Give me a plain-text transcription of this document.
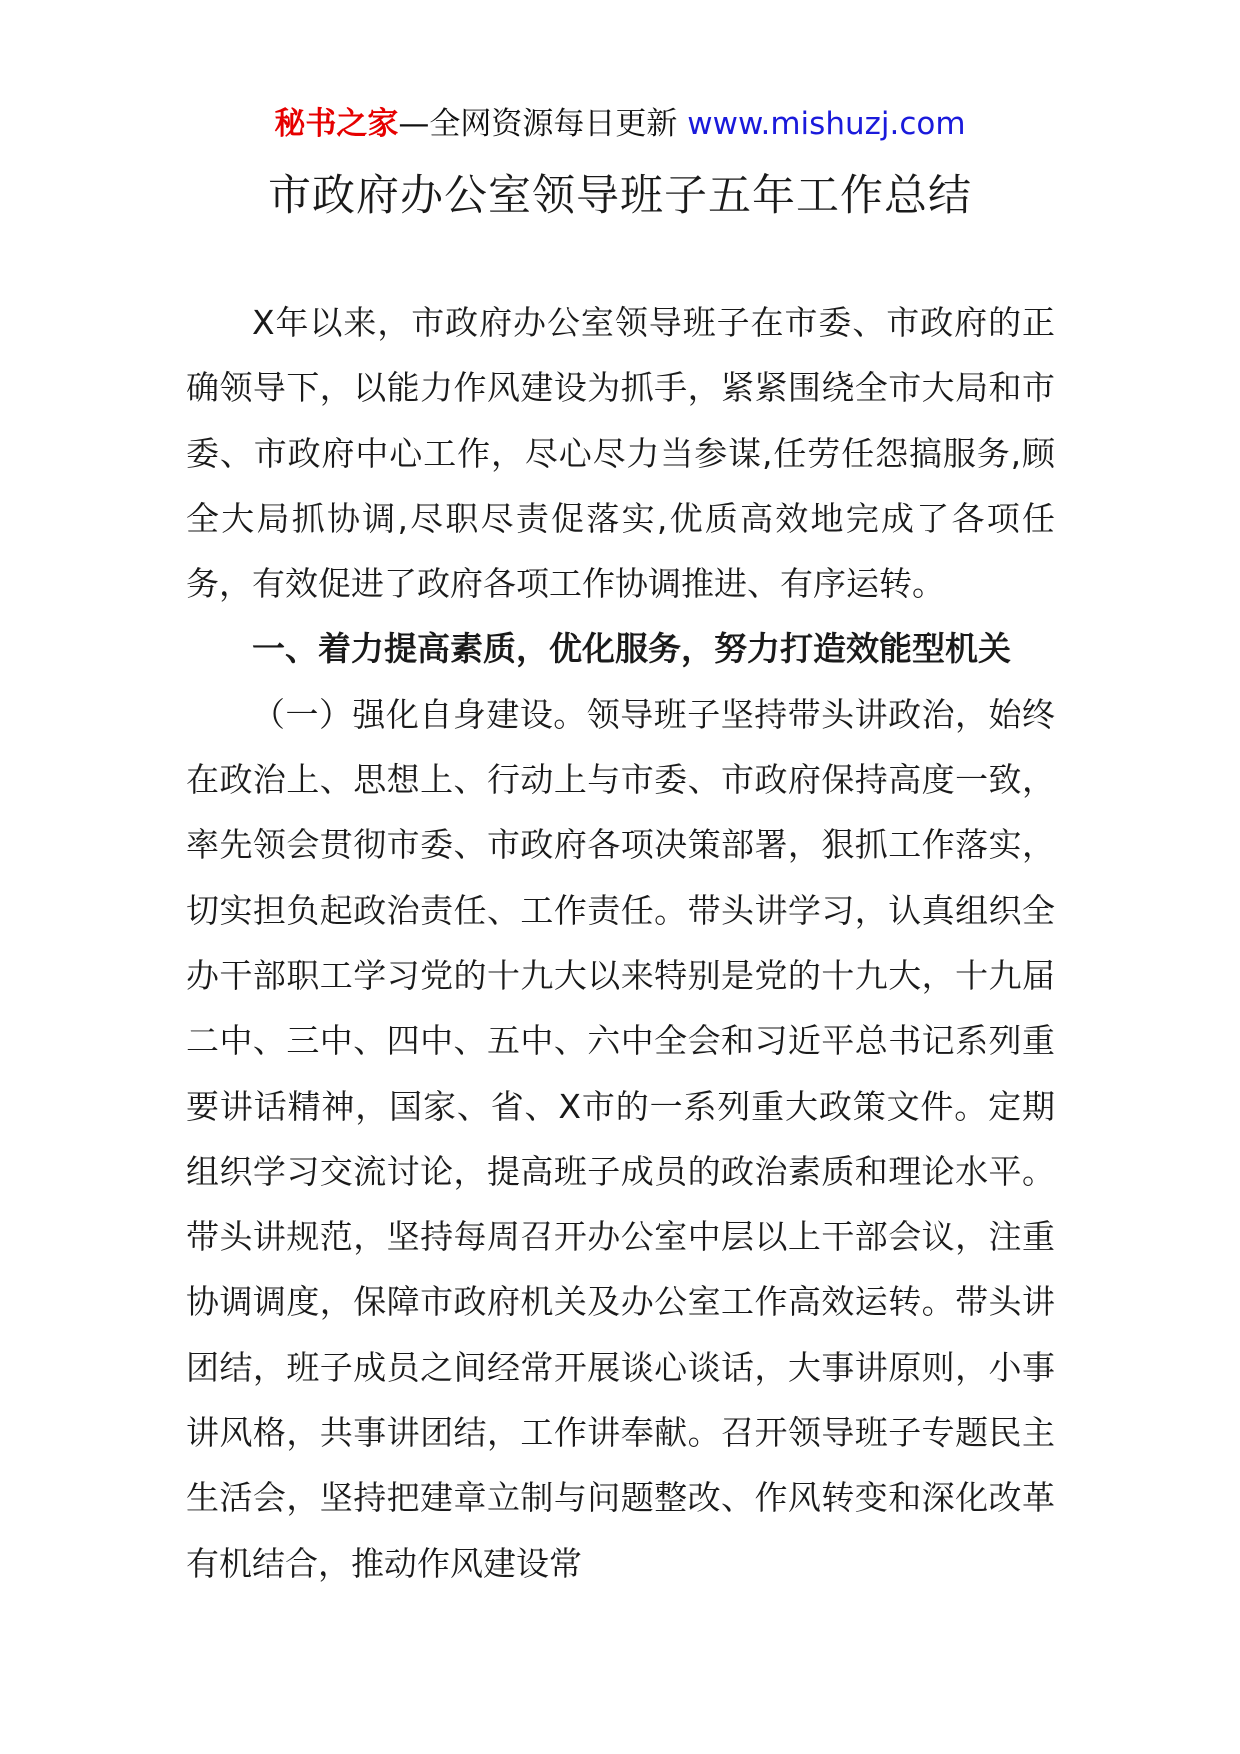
秘书之家—全网资源每日更新 www.mishuzj.com
市政府办公室领导班子五年工作总结

X年以来，市政府办公室领导班子在市委、市政府的正确领导下，以能力作风建设为抓手，紧紧围绕全市大局和市委、市政府中心工作，尽心尽力当参谋,任劳任怨搞服务,顾全大局抓协调,尽职尽责促落实,优质高效地完成了各项任务，有效促进了政府各项工作协调推进、有序运转。

一、着力提高素质，优化服务，努力打造效能型机关

（一）强化自身建设。领导班子坚持带头讲政治，始终在政治上、思想上、行动上与市委、市政府保持高度一致，率先领会贯彻市委、市政府各项决策部署，狠抓工作落实，切实担负起政治责任、工作责任。带头讲学习，认真组织全办干部职工学习党的十九大以来特别是党的十九大，十九届二中、三中、四中、五中、六中全会和习近平总书记系列重要讲话精神，国家、省、X市的一系列重大政策文件。定期组织学习交流讨论，提高班子成员的政治素质和理论水平。带头讲规范，坚持每周召开办公室中层以上干部会议，注重协调调度，保障市政府机关及办公室工作高效运转。带头讲团结，班子成员之间经常开展谈心谈话，大事讲原则，小事讲风格，共事讲团结，工作讲奉献。召开领导班子专题民主生活会，坚持把建章立制与问题整改、作风转变和深化改革有机结合，推动作风建设常
